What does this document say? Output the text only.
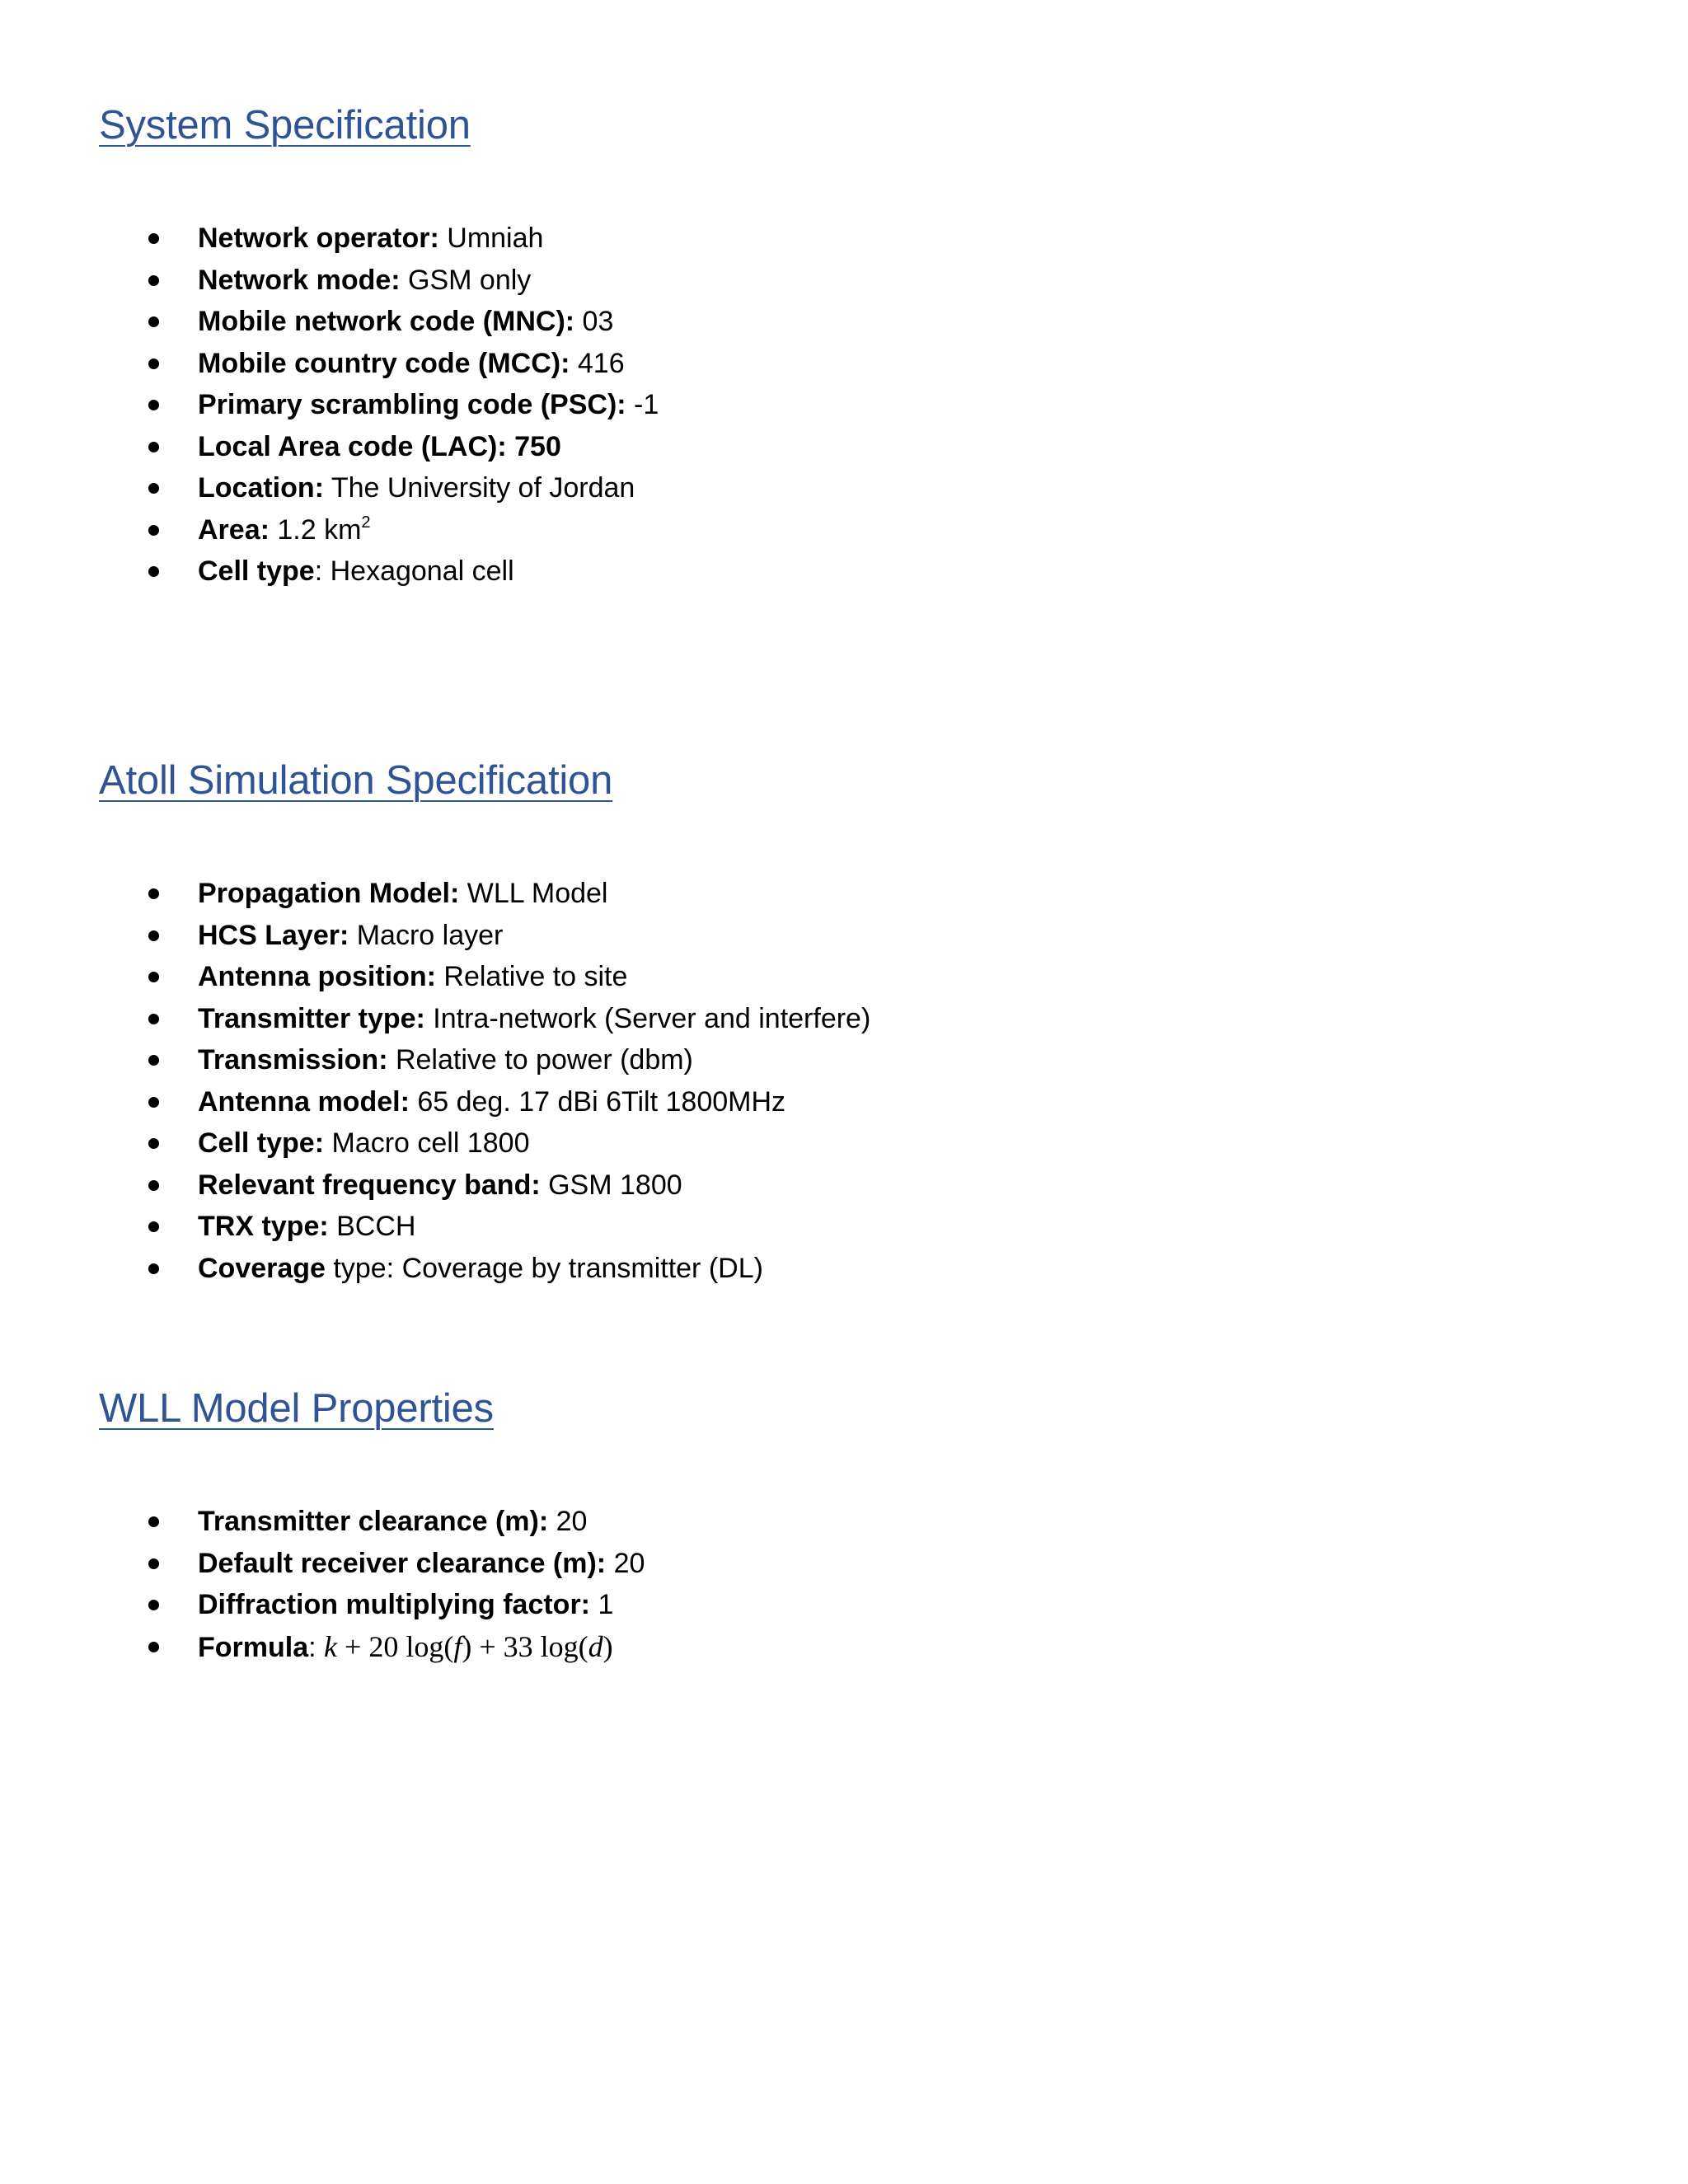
System Specification
Network operator: Umniah
Network mode: GSM only
Mobile network code (MNC): 03
Mobile country code (MCC): 416
Primary scrambling code (PSC): -1
Local Area code (LAC): 750
Location: The University of Jordan
Area: 1.2 $km^2$
Cell type: Hexagonal cell
Atoll Simulation Specification
Propagation Model: WLL Model
HCS Layer: Macro layer
Antenna position: Relative to site
Transmitter type: Intra-network (Server and interfere)
Transmission: Relative to power (dbm)
Antenna model: 65 deg. 17 dBi 6Tilt 1800MHz
Cell type: Macro cell 1800
Relevant frequency band: GSM 1800
TRX type: BCCH
Coverage type: Coverage by transmitter (DL)
WLL Model Properties
Transmitter clearance (m): 20
Default receiver clearance (m): 20
Diffraction multiplying factor: 1
Formula: k + 20 log(f) + 33 log(d)
